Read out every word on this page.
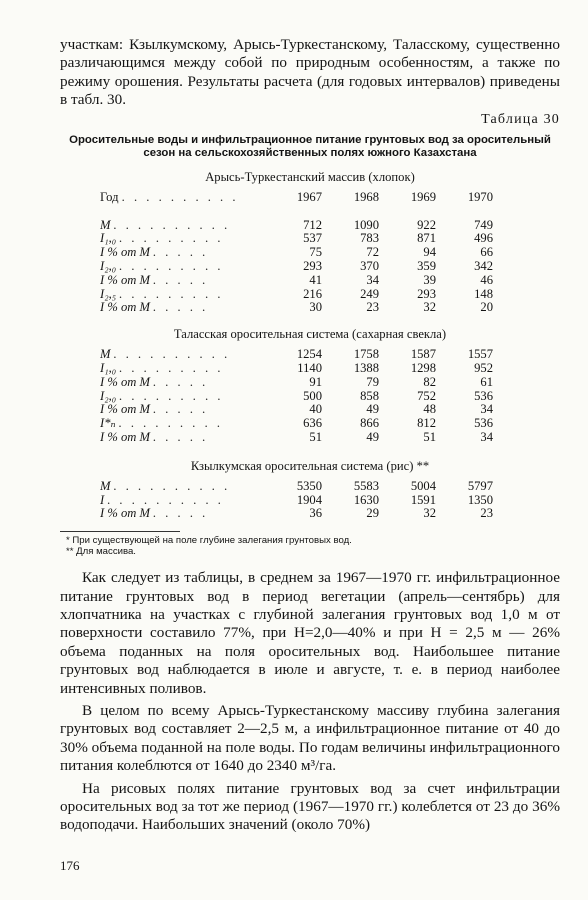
участкам: Кзылкумскому, Арысь-Туркестанскому, Таласскому, существенно различающимся между собой по природным особенностям, а также по режиму орошения. Результаты расчета (для годовых интервалов) приведены в табл. 30.

Таблица 30
Оросительные воды и инфильтрационное питание грунтовых вод за оросительный сезон на сельскохозяйственных полях южного Казахстана
Арысь-Туркестанский массив (хлопок)
Год . . . . . . . . . .	1967	1968	1969	1970

M . . . . . . . . . .	712	1090	922	749
I₁,₀ . . . . . . . . .	537	783	871	496
I % от M . . . . .	75	72	94	66
I₂,₀ . . . . . . . . .	293	370	359	342
I % от M . . . . .	41	34	39	46
I₂,₅ . . . . . . . . .	216	249	293	148
I % от M . . . . .	30	23	32	20
Таласская оросительная система (сахарная свекла)
M . . . . . . . . . .	1254	1758	1587	1557
I₁,₀ . . . . . . . . .	1140	1388	1298	952
I % от M . . . . .	91	79	82	61
I₂,₀ . . . . . . . . .	500	858	752	536
I % от M . . . . .	40	49	48	34
I*ₙ . . . . . . . . .	636	866	812	536
I % от M . . . . .	51	49	51	34
Кзылкумская оросительная система (рис) **
M . . . . . . . . . .	5350	5583	5004	5797
I . . . . . . . . . .	1904	1630	1591	1350
I % от M . . . . .	36	29	32	23

* При существующей на поле глубине залегания грунтовых вод.

** Для массива.

Как следует из таблицы, в среднем за 1967—1970 гг. инфильтрационное питание грунтовых вод в период вегетации (апрель—сентябрь) для хлопчатника на участках с глубиной залегания грунтовых вод 1,0 м от поверхности составило 77%, при H=2,0—40% и при H = 2,5 м — 26% объема поданных на поля оросительных вод. Наибольшее питание грунтовых вод наблюдается в июле и августе, т. е. в период наиболее интенсивных поливов.

В целом по всему Арысь-Туркестанскому массиву глубина залегания грунтовых вод составляет 2—2,5 м, а инфильтрационное питание от 40 до 30% объема поданной на поле воды. По годам величины инфильтрационного питания колеблются от 1640 до 2340 м³/га.

На рисовых полях питание грунтовых вод за счет инфильтрации оросительных вод за тот же период (1967—1970 гг.) колеблется от 23 до 36% водоподачи. Наибольших значений (около 70%)

176
